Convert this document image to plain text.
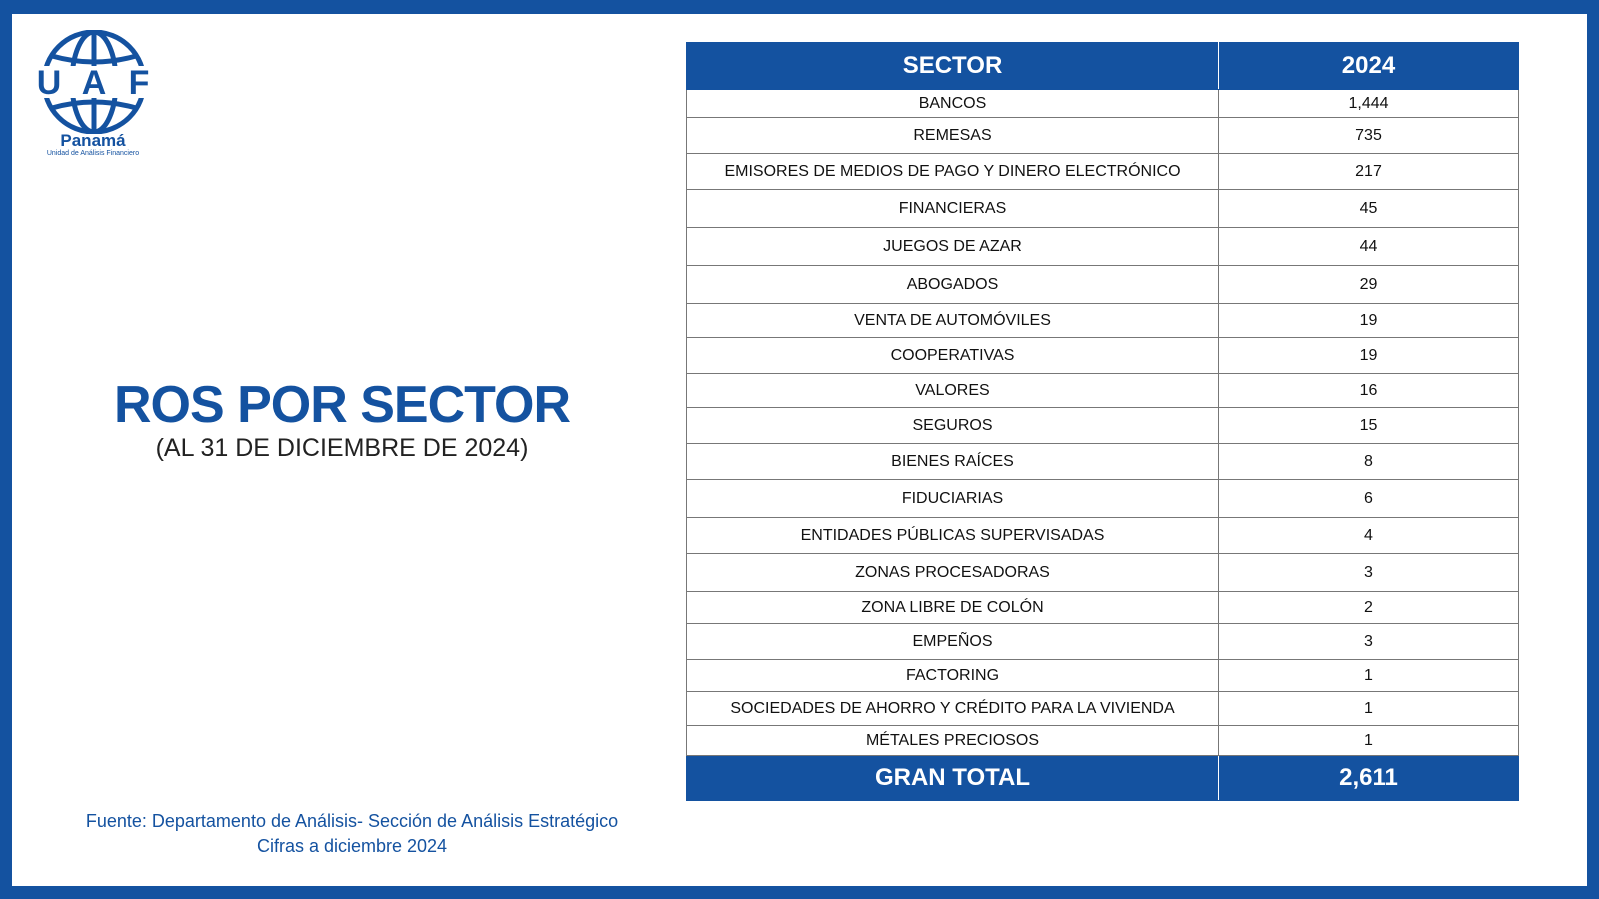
U A F
Panamá
Unidad de Análisis Financiero
ROS POR SECTOR
(AL 31 DE DICIEMBRE DE 2024)
Fuente: Departamento de Análisis- Sección de Análisis Estratégico
Cifras a diciembre 2024
SECTOR	2024
BANCOS	1,444
REMESAS	735
EMISORES DE MEDIOS DE PAGO Y DINERO ELECTRÓNICO	217
FINANCIERAS	45
JUEGOS DE AZAR	44
ABOGADOS	29
VENTA DE AUTOMÓVILES	19
COOPERATIVAS	19
VALORES	16
SEGUROS	15
BIENES RAÍCES	8
FIDUCIARIAS	6
ENTIDADES PÚBLICAS SUPERVISADAS	4
ZONAS PROCESADORAS	3
ZONA LIBRE DE COLÓN	2
EMPEÑOS	3
FACTORING	1
SOCIEDADES DE AHORRO Y CRÉDITO PARA LA VIVIENDA	1
MÉTALES PRECIOSOS	1
GRAN TOTAL	2,611
